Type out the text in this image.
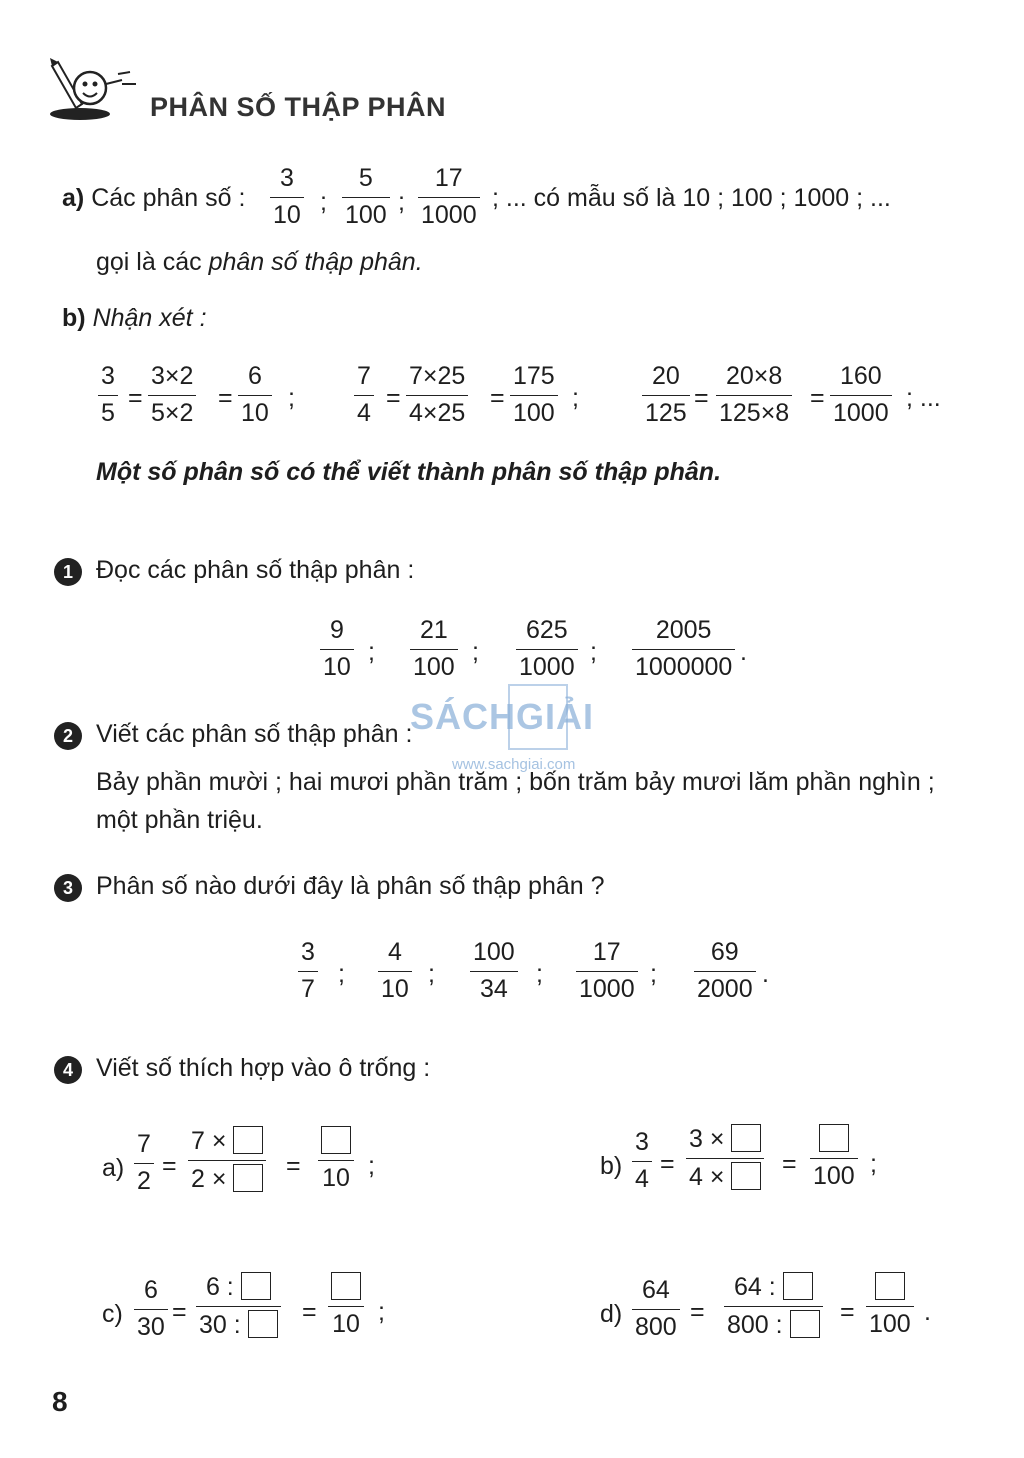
PHÂN SỐ THẬP PHÂN
a) Các phân số :
3
10 ;
5
100 ;
17
1000
; ... có mẫu số là 10 ; 100 ; 1000 ; ...
gọi là các phân số thập phân.
b) Nhận xét :
3
5
=
3×2
5×2
=
6
10
;
7
4
=
7×25
4×25
=
175
100
;
20
125
=
20×8
125×8
=
160
1000
; ...
Một số phân số có thể viết thành phân số thập phân.
1 Đọc các phân số thập phân :
9
10
;
21
100
;
625
1000
;
2005
1000000
.
2 Viết các phân số thập phân :
Bảy phần mười ; hai mươi phần trăm ; bốn trăm bảy mươi lăm phần nghìn ;
một phần triệu.
SÁCHGIẢI
www.sachgiai.com
3 Phân số nào dưới đây là phân số thập phân ?
3
7
;
4
10
;
100
34
;
17
1000
;
69
2000
.
4 Viết số thích hợp vào ô trống :
a)
7
2
=
7 ×
2 ×	= 10 ;	b)
3
4
=
3 ×
4 ×	= 100 ;
c)
6
30
=
6 :
30 :	= 10 ;	d)
64
800
=
64 :
800 :	= 100 .
8
